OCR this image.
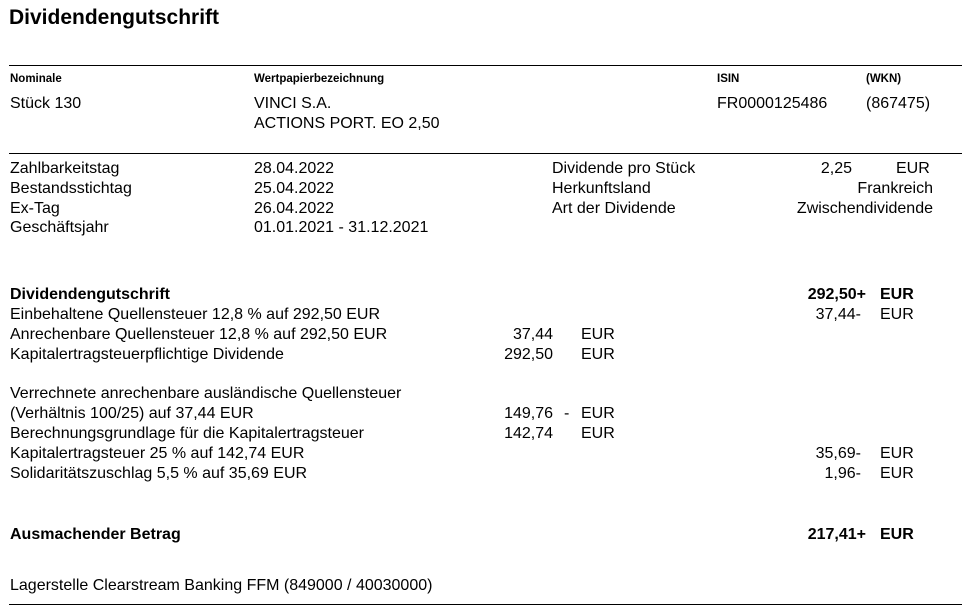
Dividendengutschrift
Nominale	Wertpapierbezeichnung	ISIN	(WKN)
Stück 130	VINCI S.A.
ACTIONS PORT. EO 2,50
FR0000125486 (867475)
Zahlbarkeitstag	28.04.2022
Bestandsstichtag	25.04.2022
Ex-Tag	26.04.2022
Geschäftsjahr	01.01.2021 - 31.12.2021
Dividende pro Stück	2,25	EUR
Herkunftsland	Frankreich
Art der Dividende	Zwischendividende
Dividendengutschrift	292,50+ EUR
Einbehaltene Quellensteuer 12,8 % auf 292,50 EUR	37,44- EUR
Anrechenbare Quellensteuer 12,8 % auf 292,50 EUR	37,44 EUR
Kapitalertragsteuerpflichtige Dividende	292,50 EUR
Verrechnete anrechenbare ausländische Quellensteuer
(Verhältnis 100/25) auf 37,44 EUR	149,76 - EUR
Berechnungsgrundlage für die Kapitalertragsteuer	142,74 EUR
Kapitalertragsteuer 25 % auf 142,74 EUR	35,69- EUR
Solidaritätszuschlag 5,5 % auf 35,69 EUR	1,96- EUR
Ausmachender Betrag	217,41+ EUR
Lagerstelle Clearstream Banking FFM (849000 / 40030000)
